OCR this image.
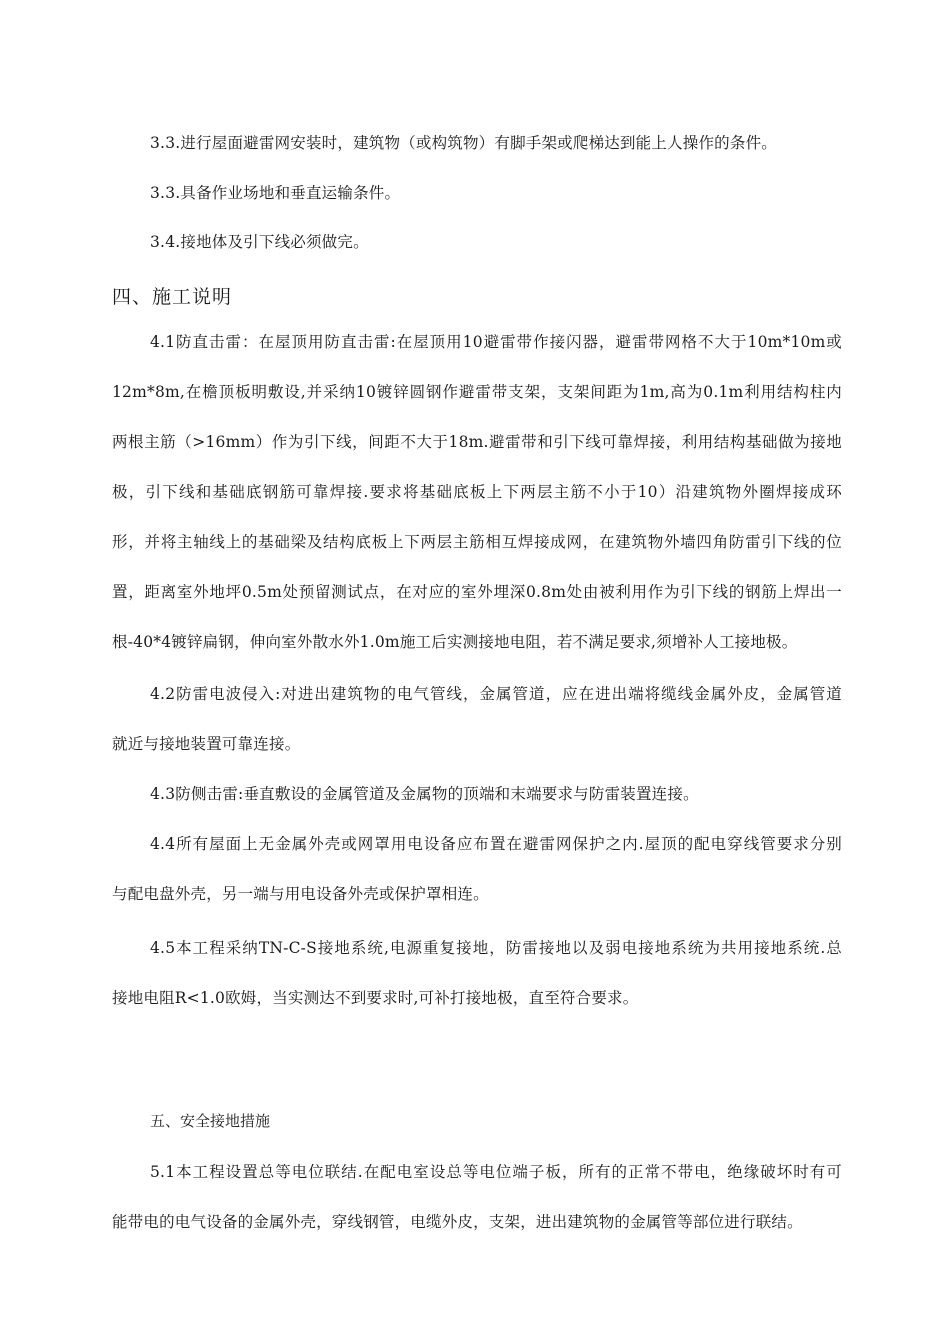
3.3.进行屋面避雷网安装时，建筑物（或构筑物）有脚手架或爬梯达到能上人操作的条件。
3.3.具备作业场地和垂直运输条件。
3.4.接地体及引下线必须做完。
四、施工说明
4.1防直击雷：在屋顶用防直击雷:在屋顶用10避雷带作接闪器，避雷带网格不大于10m*10m或
12m*8m,在檐顶板明敷设,并采纳10镀锌圆钢作避雷带支架，支架间距为1m,高为0.1m利用结构柱内
两根主筋（>16mm）作为引下线，间距不大于18m.避雷带和引下线可靠焊接，利用结构基础做为接地
极，引下线和基础底钢筋可靠焊接.要求将基础底板上下两层主筋不小于10）沿建筑物外圈焊接成环
形，并将主轴线上的基础梁及结构底板上下两层主筋相互焊接成网，在建筑物外墙四角防雷引下线的位
置，距离室外地坪0.5m处预留测试点，在对应的室外埋深0.8m处由被利用作为引下线的钢筋上焊出一
根-40*4镀锌扁钢，伸向室外散水外1.0m施工后实测接地电阻，若不满足要求,须增补人工接地极。
4.2防雷电波侵入:对进出建筑物的电气管线，金属管道，应在进出端将缆线金属外皮，金属管道
就近与接地装置可靠连接。
4.3防侧击雷:垂直敷设的金属管道及金属物的顶端和末端要求与防雷装置连接。
4.4所有屋面上无金属外壳或网罩用电设备应布置在避雷网保护之内.屋顶的配电穿线管要求分别
与配电盘外壳，另一端与用电设备外壳或保护罩相连。
4.5本工程采纳TN-C-S接地系统,电源重复接地，防雷接地以及弱电接地系统为共用接地系统.总
接地电阻R<1.0欧姆，当实测达不到要求时,可补打接地极，直至符合要求。
五、安全接地措施
5.1本工程设置总等电位联结.在配电室设总等电位端子板，所有的正常不带电，绝缘破坏时有可
能带电的电气设备的金属外壳，穿线钢管，电缆外皮，支架，进出建筑物的金属管等部位进行联结。
